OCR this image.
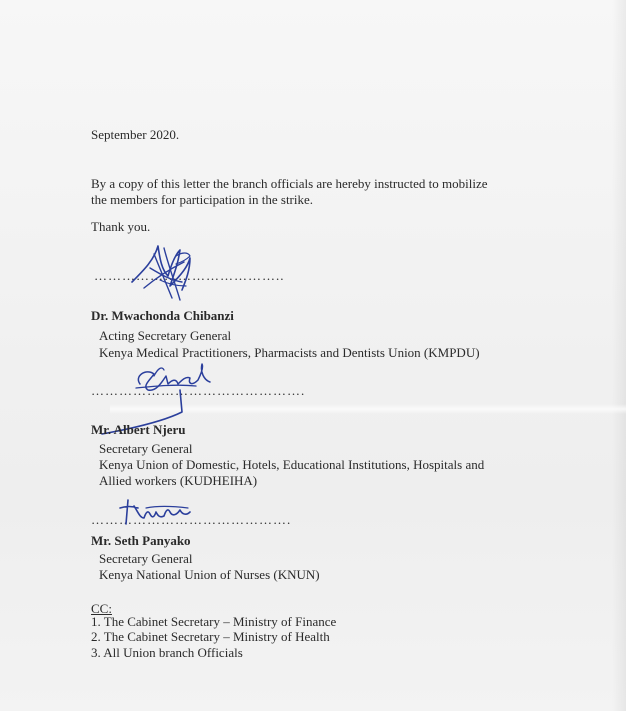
September 2020.
By a copy of this letter the branch officials are hereby instructed to mobilize
the members for participation in the strike.
Thank you.
…………………………………..
Dr. Mwachonda Chibanzi
Acting Secretary General
Kenya Medical Practitioners, Pharmacists and Dentists Union (KMPDU)
……………………………………….
Mr. Albert Njeru
Secretary General
Kenya Union of Domestic, Hotels, Educational Institutions, Hospitals and
Allied workers (KUDHEIHA)
…………………………………….
Mr. Seth Panyako
Secretary General
Kenya National Union of Nurses (KNUN)
CC:
1. The Cabinet Secretary – Ministry of Finance
2. The Cabinet Secretary – Ministry of Health
3. All Union branch Officials
